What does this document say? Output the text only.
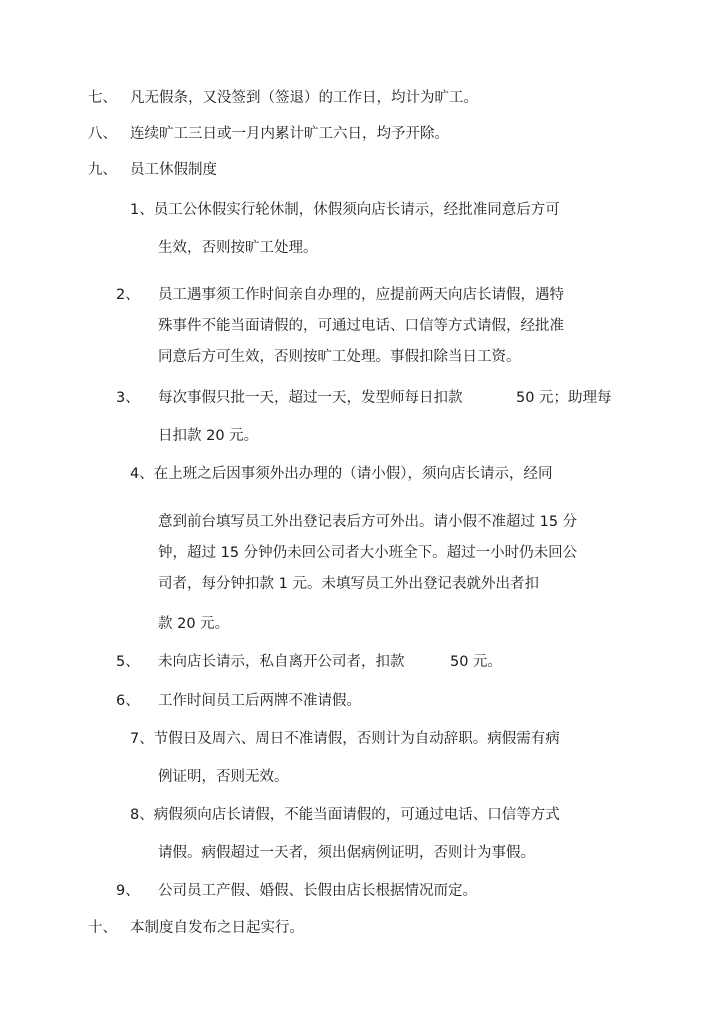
七、 凡无假条，又没签到（签退）的工作日，均计为旷工。
八、 连续旷工三日或一月内累计旷工六日，均予开除。
九、 员工休假制度
1、员工公休假实行轮休制，休假须向店长请示，经批准同意后方可
生效，否则按旷工处理。
2、 员工遇事须工作时间亲自办理的，应提前两天向店长请假，遇特
殊事件不能当面请假的，可通过电话、口信等方式请假，经批准
同意后方可生效，否则按旷工处理。事假扣除当日工资。
3、 每次事假只批一天，超过一天，发型师每日扣款	50 元；助理每
日扣款 20 元。
4、在上班之后因事须外出办理的（请小假），须向店长请示，经同
意到前台填写员工外出登记表后方可外出。请小假不准超过 15 分
钟，超过 15 分钟仍未回公司者大小班全下。超过一小时仍未回公
司者，每分钟扣款 1 元。未填写员工外出登记表就外出者扣
款 20 元。
5、 未向店长请示，私自离开公司者，扣款	50 元。
6、 工作时间员工后两牌不准请假。
7、节假日及周六、周日不准请假，否则计为自动辞职。病假需有病
例证明，否则无效。
8、病假须向店长请假，不能当面请假的，可通过电话、口信等方式
请假。病假超过一天者，须出倨病例证明，否则计为事假。
9、 公司员工产假、婚假、长假由店长根据情况而定。
十、 本制度自发布之日起实行。
